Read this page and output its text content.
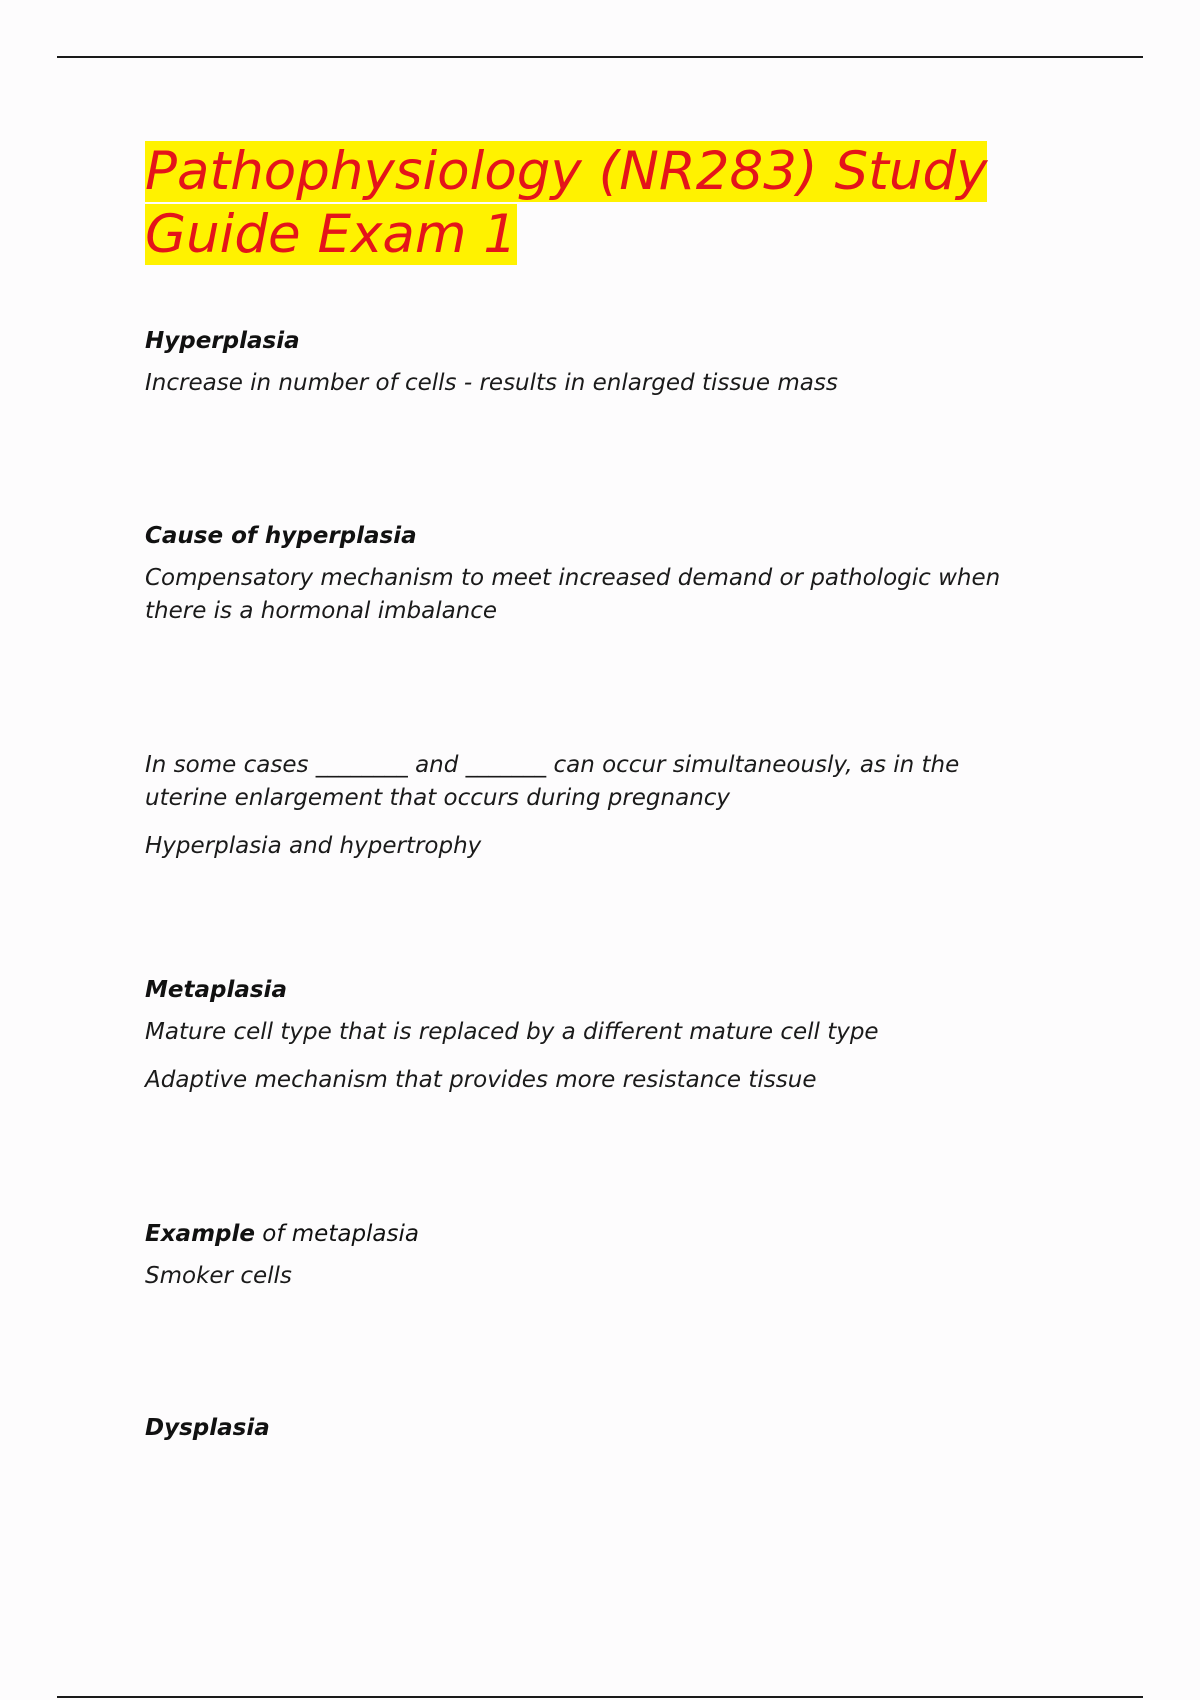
Pathophysiology (NR283) Study
Guide Exam 1

Hyperplasia

Increase in number of cells - results in enlarged tissue mass

Cause of hyperplasia

Compensatory mechanism to meet increased demand or pathologic when

there is a hormonal imbalance

In some cases ________ and _______ can occur simultaneously, as in the

uterine enlargement that occurs during pregnancy

Hyperplasia and hypertrophy

Metaplasia

Mature cell type that is replaced by a different mature cell type

Adaptive mechanism that provides more resistance tissue

Example of metaplasia

Smoker cells

Dysplasia
